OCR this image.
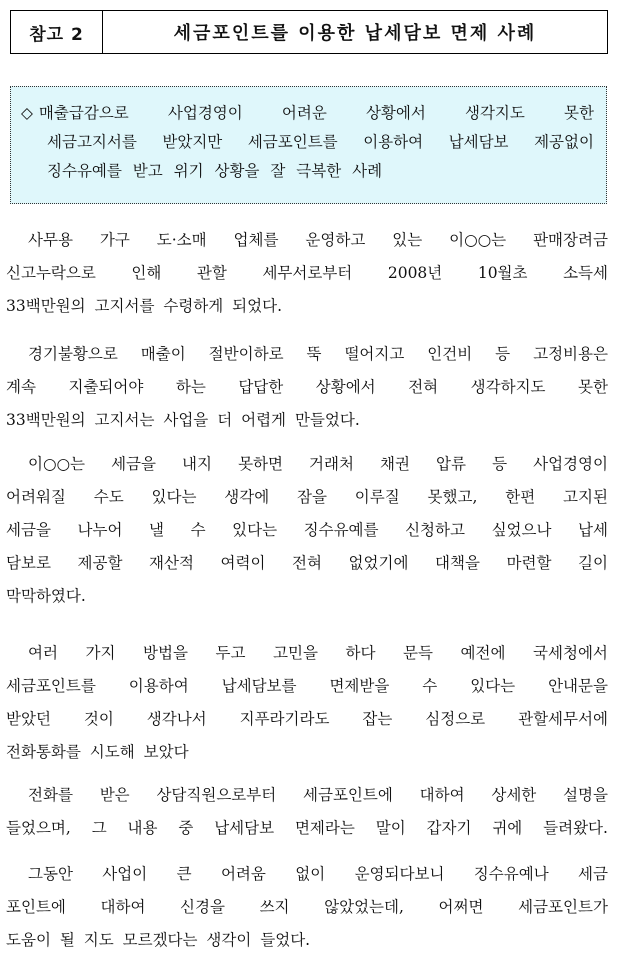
참고 2	세금포인트를 이용한 납세담보 면제 사례
◇ 매출급감으로	사업경영이	어려운	상황에서	생각지도	못한
세금고지서를 받았지만 세금포인트를 이용하여 납세담보 제공없이
징수유예를 받고 위기 상황을 잘 극복한 사례
사무용 가구 도·소매 업체를 운영하고 있는 이○○는 판매장려금
신고누락으로 인해 관할 세무서로부터 2008년 10월초 소득세
33백만원의 고지서를 수령하게 되었다.
경기불황으로 매출이 절반이하로 뚝 떨어지고 인건비 등 고정비용은
계속 지출되어야 하는 답답한 상황에서 전혀 생각하지도 못한
33백만원의 고지서는 사업을 더 어렵게 만들었다.
이○○는 세금을 내지 못하면 거래처 채권 압류 등 사업경영이
어려워질 수도 있다는 생각에 잠을 이루질 못했고, 한편 고지된
세금을 나누어 낼 수 있다는 징수유예를 신청하고 싶었으나 납세
담보로 제공할 재산적 여력이 전혀 없었기에 대책을 마련할 길이
막막하였다.
여러 가지 방법을 두고 고민을 하다 문득 예전에 국세청에서
세금포인트를 이용하여 납세담보를 면제받을 수 있다는 안내문을
받았던 것이 생각나서 지푸라기라도 잡는 심정으로 관할세무서에
전화통화를 시도해 보았다
전화를 받은 상담직원으로부터 세금포인트에 대하여 상세한 설명을
들었으며, 그 내용 중 납세담보 면제라는 말이 갑자기 귀에 들려왔다.
그동안 사업이 큰 어려움 없이 운영되다보니 징수유예나 세금
포인트에 대하여 신경을 쓰지 않았었는데, 어쩌면 세금포인트가
도움이 될 지도 모르겠다는 생각이 들었다.
